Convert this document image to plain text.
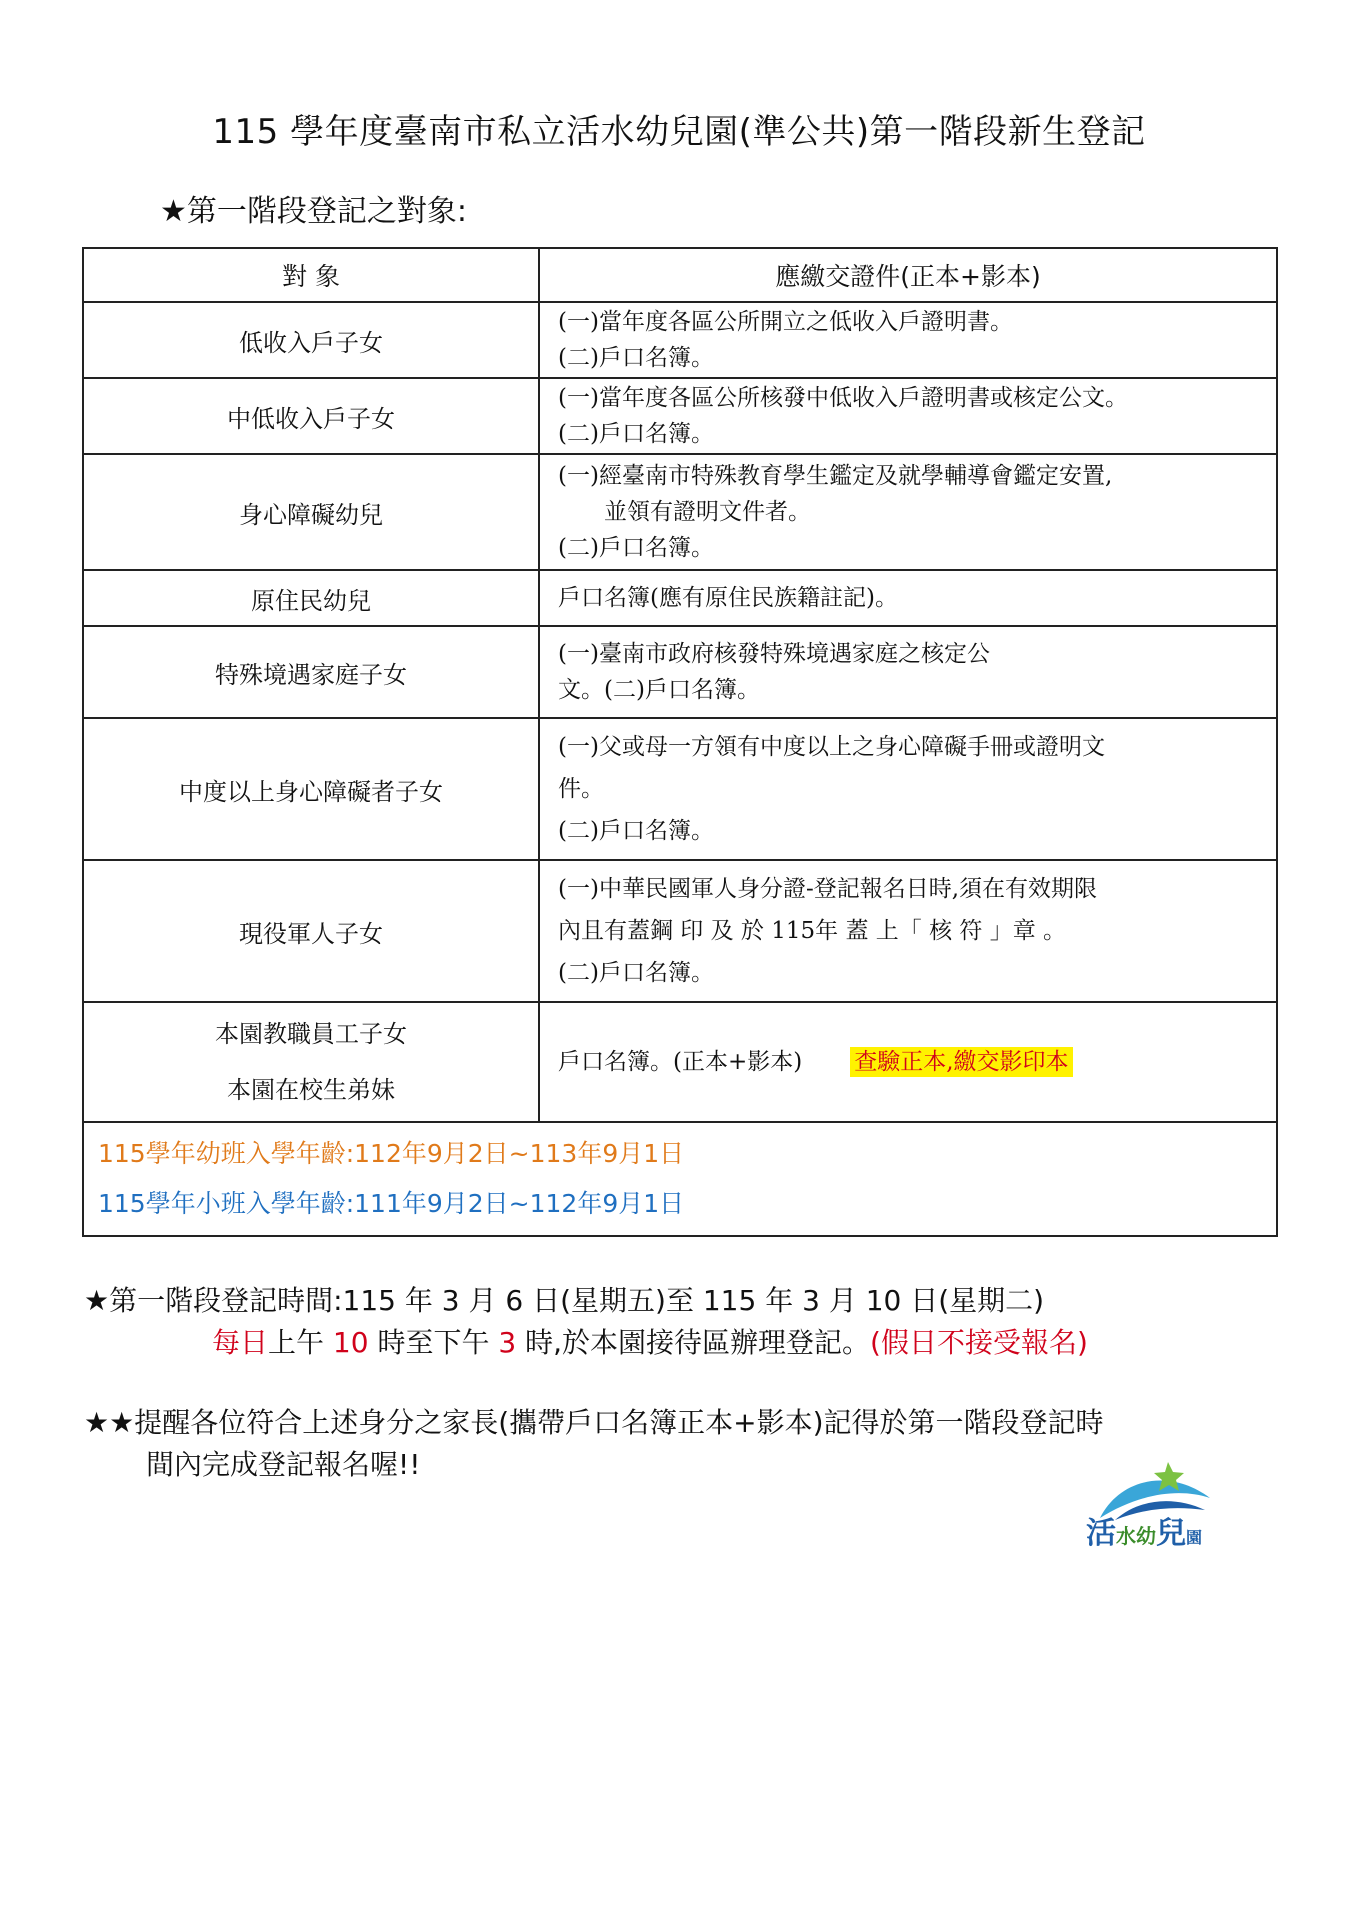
115 學年度臺南市私立活水幼兒園(準公共)第一階段新生登記
★第一階段登記之對象:
對 象	應繳交證件(正本+影本)
低收入戶子女	(一)當年度各區公所開立之低收入戶證明書。
(二)戶口名簿。

中低收入戶子女	(一)當年度各區公所核發中低收入戶證明書或核定公文。
(二)戶口名簿。

身心障礙幼兒	(一)經臺南市特殊教育學生鑑定及就學輔導會鑑定安置,
並領有證明文件者。
(二)戶口名簿。

原住民幼兒	戶口名簿(應有原住民族籍註記)。

特殊境遇家庭子女	(一)臺南市政府核發特殊境遇家庭之核定公
文。(二)戶口名簿。

中度以上身心障礙者子女	(一)父或母一方領有中度以上之身心障礙手冊或證明文
件。
(二)戶口名簿。

現役軍人子女	(一)中華民國軍人身分證-登記報名日時,須在有效期限
內且有蓋鋼 印 及 於 115年 蓋 上「 核 符 」章 。
(二)戶口名簿。

本園教職員工子女
本園在校生弟妹	戶口名簿。(正本+影本) 查驗正本,繳交影印本

115學年幼班入學年齡:112年9月2日~113年9月1日
115學年小班入學年齡:111年9月2日~112年9月1日	
★第一階段登記時間:115 年 3 月 6 日(星期五)至 115 年 3 月 10 日(星期二)
每日上午 10 時至下午 3 時,於本園接待區辦理登記。(假日不接受報名)
★★提醒各位符合上述身分之家長(攜帶戶口名簿正本+影本)記得於第一階段登記時
間內完成登記報名喔!!
活水幼兒園
